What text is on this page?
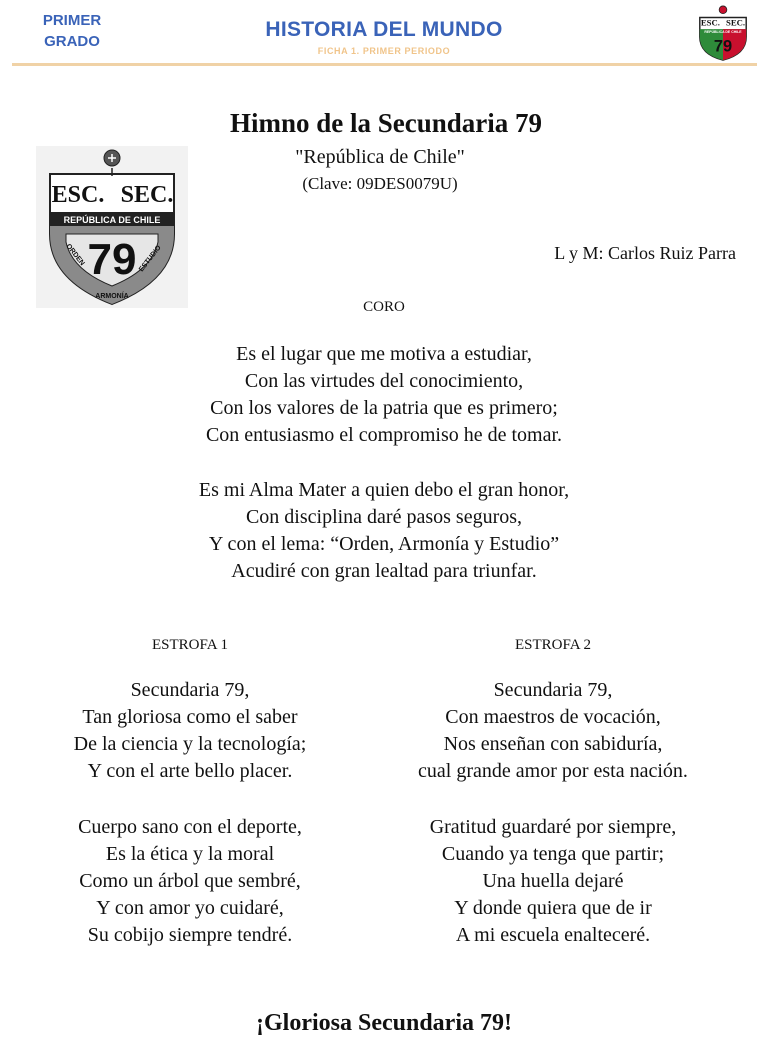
PRIMER
GRADO
HISTORIA DEL MUNDO
FICHA 1. PRIMER PERIODO
ESC. SEC.
REPÚBLICA DE CHILE
79
Himno de la Secundaria 79
"República de Chile"
(Clave: 09DES0079U)
ESC. SEC.
REPÚBLICA DE CHILE
79
ORDEN
ARMONÍA
ESTUDIO	L y M: Carlos Ruiz Parra
CORO
Es el lugar que me motiva a estudiar,
Con las virtudes del conocimiento,
Con los valores de la patria que es primero;
Con entusiasmo el compromiso he de tomar.
Es mi Alma Mater a quien debo el gran honor,
Con disciplina daré pasos seguros,
Y con el lema: “Orden, Armonía y Estudio”
Acudiré con gran lealtad para triunfar.
ESTROFA 1
Secundaria 79,
Tan gloriosa como el saber
De la ciencia y la tecnología;
Y con el arte bello placer.
Cuerpo sano con el deporte,
Es la ética y la moral
Como un árbol que sembré,
Y con amor yo cuidaré,
Su cobijo siempre tendré.
ESTROFA 2
Secundaria 79,
Con maestros de vocación,
Nos enseñan con sabiduría,
cual grande amor por esta nación.
Gratitud guardaré por siempre,
Cuando ya tenga que partir;
Una huella dejaré
Y donde quiera que de ir
A mi escuela enalteceré.
¡Gloriosa Secundaria 79!
